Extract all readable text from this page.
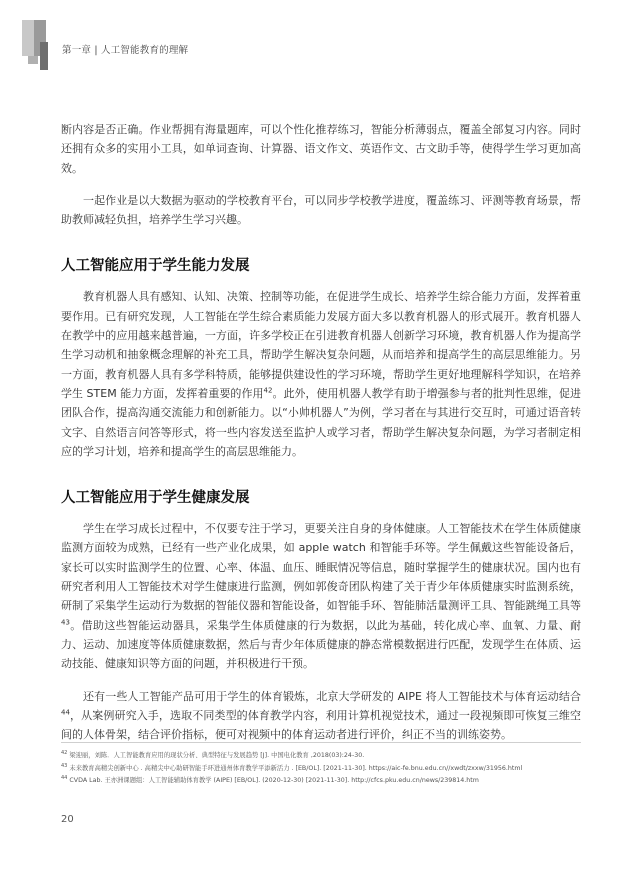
第一章 | 人工智能教育的理解

断内容是否正确。作业帮拥有海量题库，可以个性化推荐练习，智能分析薄弱点，覆盖全部复习内容。同时还拥有众多的实用小工具，如单词查询、计算器、语文作文、英语作文、古文助手等，使得学生学习更加高效。

一起作业是以大数据为驱动的学校教育平台，可以同步学校教学进度，覆盖练习、评测等教育场景，帮助教师减轻负担，培养学生学习兴趣。

人工智能应用于学生能力发展

教育机器人具有感知、认知、决策、控制等功能，在促进学生成长、培养学生综合能力方面，发挥着重要作用。已有研究发现，人工智能在学生综合素质能力发展方面大多以教育机器人的形式展开。教育机器人在教学中的应用越来越普遍，一方面，许多学校正在引进教育机器人创新学习环境，教育机器人作为提高学生学习动机和抽象概念理解的补充工具，帮助学生解决复杂问题，从而培养和提高学生的高层思维能力。另一方面，教育机器人具有多学科特质，能够提供建设性的学习环境，帮助学生更好地理解科学知识，在培养学生 STEM 能力方面，发挥着重要的作用$^{42}$。此外，使用机器人教学有助于增强参与者的批判性思维，促进团队合作，提高沟通交流能力和创新能力。以“小帅机器人”为例，学习者在与其进行交互时，可通过语音转文字、自然语言问答等形式，将一些内容发送至监护人或学习者，帮助学生解决复杂问题，为学习者制定相应的学习计划，培养和提高学生的高层思维能力。

人工智能应用于学生健康发展

学生在学习成长过程中，不仅要专注于学习，更要关注自身的身体健康。人工智能技术在学生体质健康监测方面较为成熟，已经有一些产业化成果，如 apple watch 和智能手环等。学生佩戴这些智能设备后，家长可以实时监测学生的位置、心率、体温、血压、睡眠情况等信息，随时掌握学生的健康状况。国内也有研究者利用人工智能技术对学生健康进行监测，例如郭俊奇团队构建了关于青少年体质健康实时监测系统，研制了采集学生运动行为数据的智能仪器和智能设备，如智能手环、智能肺活量测评工具、智能跳绳工具等$^{43}$。借助这些智能运动器具，采集学生体质健康的行为数据，以此为基础，转化成心率、血氧、力量、耐力、运动、加速度等体质健康数据，然后与青少年体质健康的静态常模数据进行匹配，发现学生在体质、运动技能、健康知识等方面的问题，并积极进行干预。

还有一些人工智能产品可用于学生的体育锻炼，北京大学研发的 AIPE 将人工智能技术与体育运动结合$^{44}$，从案例研究入手，选取不同类型的体育教学内容，利用计算机视觉技术，通过一段视频即可恢复三维空间的人体骨架，结合评价指标，便可对视频中的体育运动者进行评价，纠正不当的训练姿势。

$^{42}$ 梁迎丽，刘陈．人工智能教育应用的现状分析、典型特征与发展趋势 [J]. 中国电化教育 ,2018(03):24-30.
$^{43}$ 未来教育高精尖创新中心 . 高精尖中心助研智能手环进通州体育教学平添新活力 . [EB/OL]. [2021-11-30]. https://aic-fe.bnu.edu.cn//xwdt/zxxw/31956.html
$^{44}$ CVDA Lab. 王亦洲课题组：人工智能辅助体育教学 (AIPE) [EB/OL]. (2020-12-30) [2021-11-30]. http://cfcs.pku.edu.cn/news/239814.htm
20
